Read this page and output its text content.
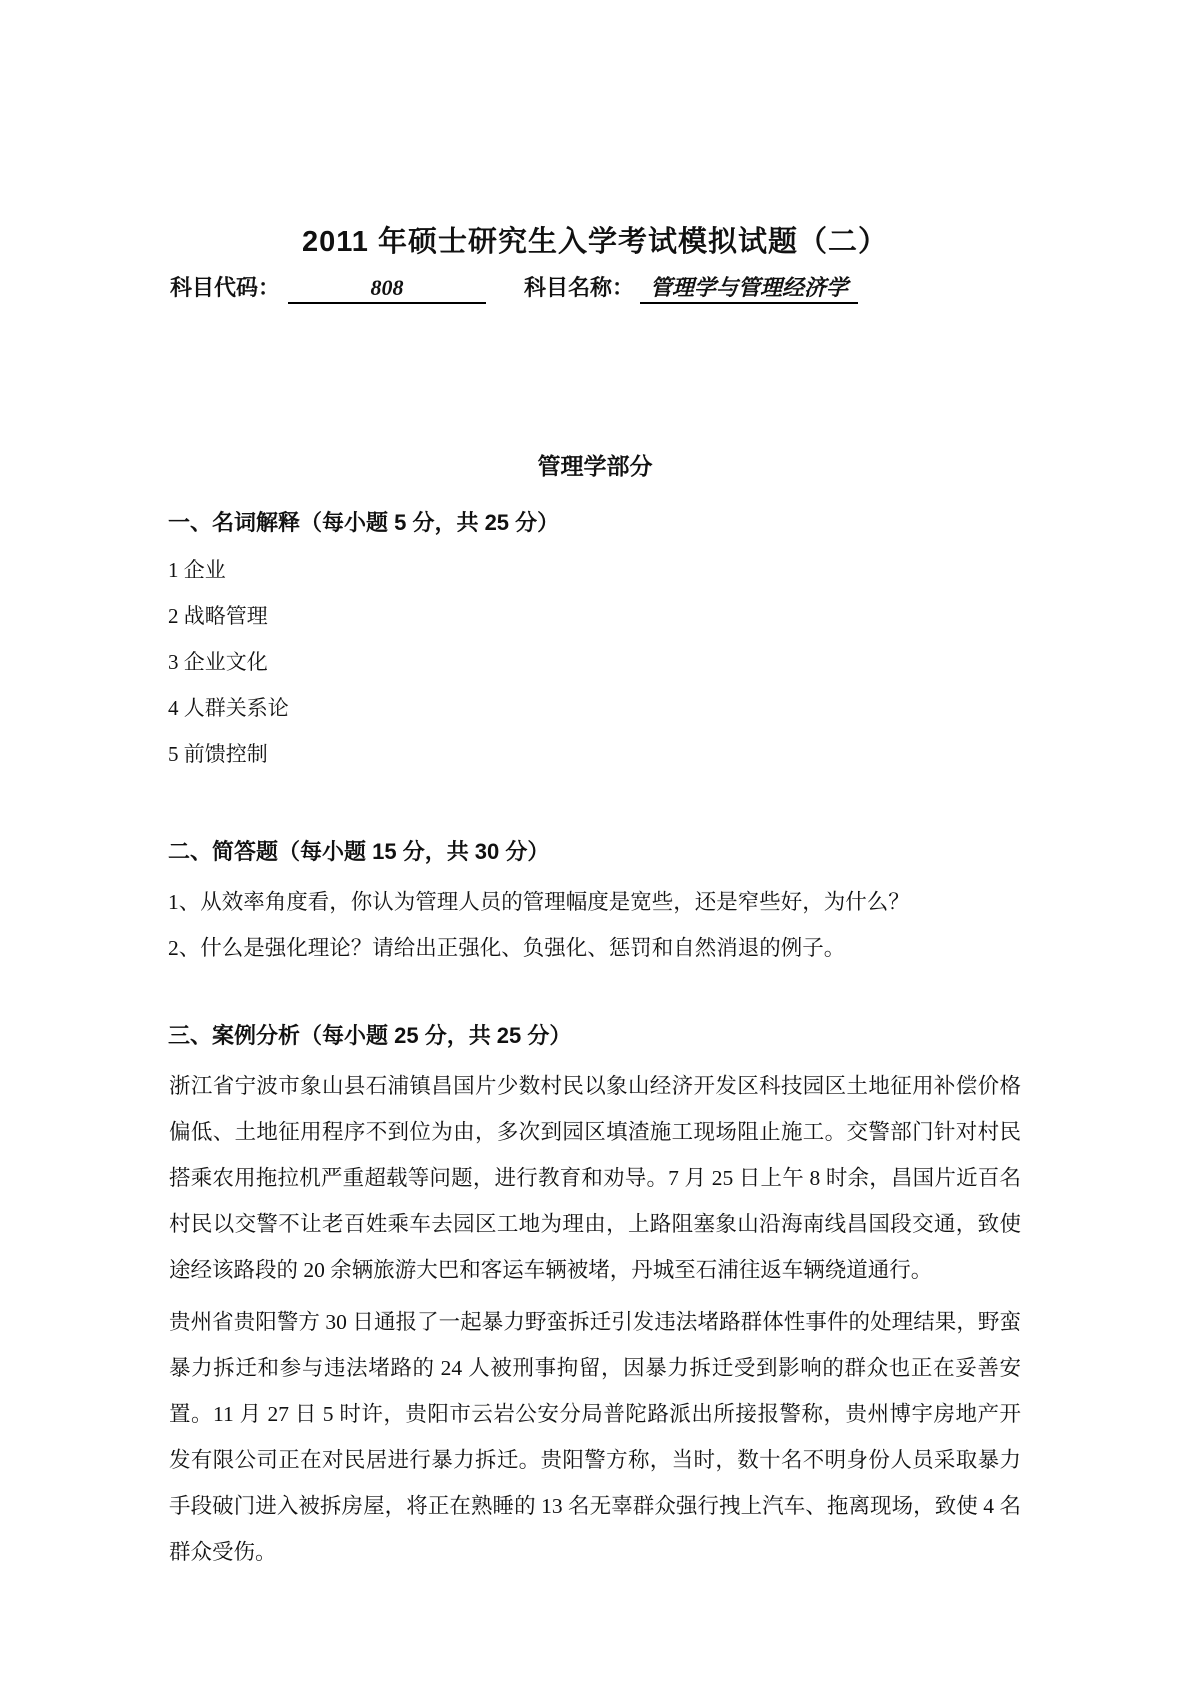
2011 年硕士研究生入学考试模拟试题（二）
科目代码：	808	科目名称： 管理学与管理经济学
管理学部分
一、名词解释（每小题 5 分，共 25 分）
1 企业
2 战略管理
3 企业文化
4 人群关系论
5 前馈控制
二、简答题（每小题 15 分，共 30 分）
1、从效率角度看，你认为管理人员的管理幅度是宽些，还是窄些好，为什么？
2、什么是强化理论？请给出正强化、负强化、惩罚和自然消退的例子。
三、案例分析（每小题 25 分，共 25 分）

浙江省宁波市象山县石浦镇昌国片少数村民以象山经济开发区科技园区土地征用补偿价格偏低、土地征用程序不到位为由，多次到园区填渣施工现场阻止施工。交警部门针对村民搭乘农用拖拉机严重超载等问题，进行教育和劝导。7 月 25 日上午 8 时余，昌国片近百名村民以交警不让老百姓乘车去园区工地为理由，上路阻塞象山沿海南线昌国段交通，致使途经该路段的 20 余辆旅游大巴和客运车辆被堵，丹城至石浦往返车辆绕道通行。

贵州省贵阳警方 30 日通报了一起暴力野蛮拆迁引发违法堵路群体性事件的处理结果，野蛮暴力拆迁和参与违法堵路的 24 人被刑事拘留，因暴力拆迁受到影响的群众也正在妥善安置。11 月 27 日 5 时许，贵阳市云岩公安分局普陀路派出所接报警称，贵州博宇房地产开发有限公司正在对民居进行暴力拆迁。贵阳警方称，当时，数十名不明身份人员采取暴力手段破门进入被拆房屋，将正在熟睡的 13 名无辜群众强行拽上汽车、拖离现场，致使 4 名群众受伤。
